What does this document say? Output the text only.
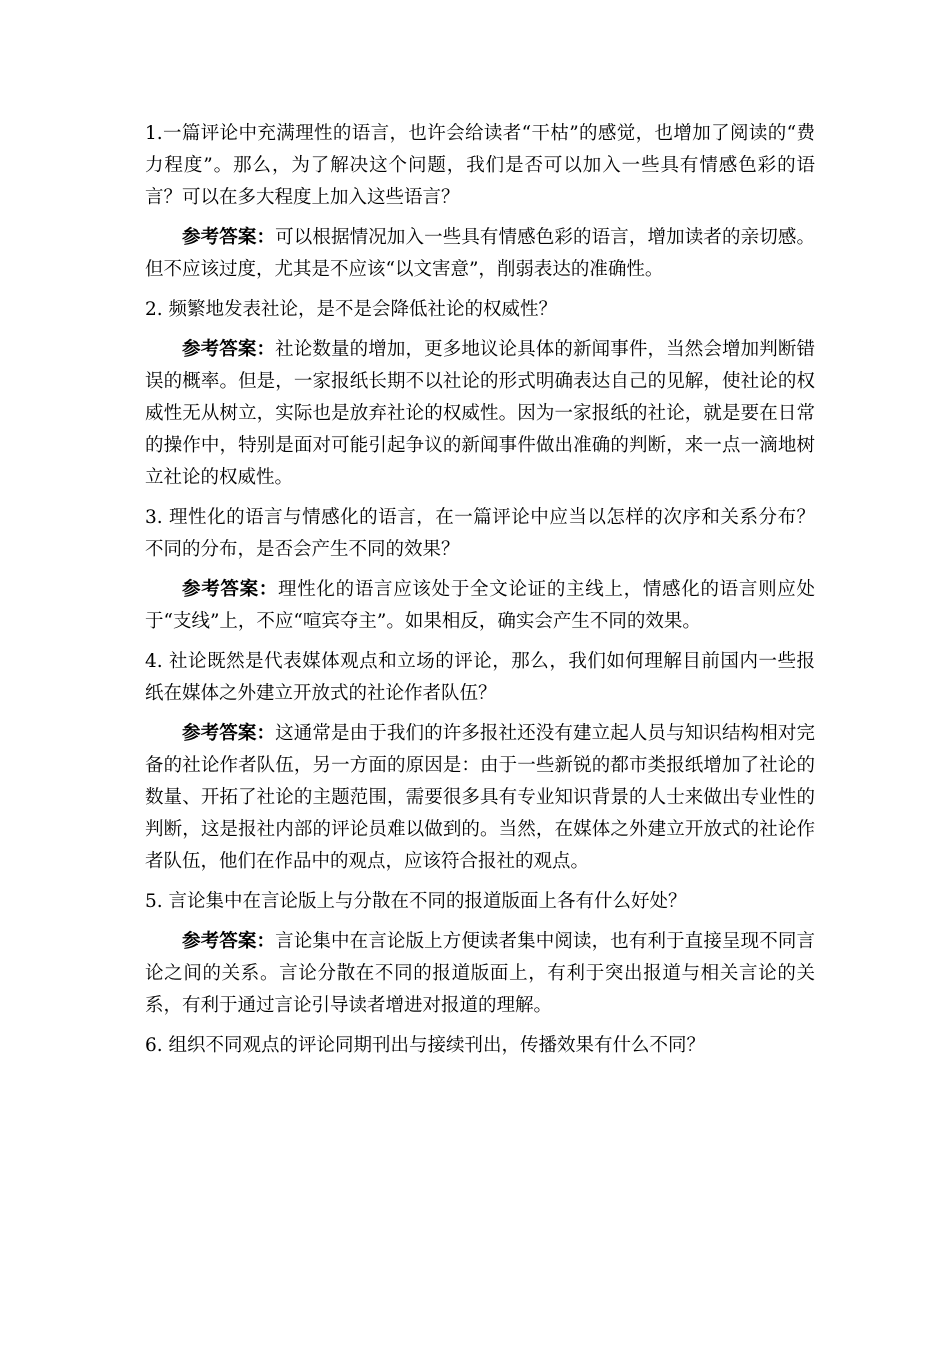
1.一篇评论中充满理性的语言，也许会给读者“干枯”的感觉，也增加了阅读的“费力程度”。那么，为了解决这个问题，我们是否可以加入一些具有情感色彩的语言？可以在多大程度上加入这些语言？

参考答案：可以根据情况加入一些具有情感色彩的语言，增加读者的亲切感。但不应该过度，尤其是不应该“以文害意”，削弱表达的准确性。

2. 频繁地发表社论，是不是会降低社论的权威性？

参考答案：社论数量的增加，更多地议论具体的新闻事件，当然会增加判断错误的概率。但是，一家报纸长期不以社论的形式明确表达自己的见解，使社论的权威性无从树立，实际也是放弃社论的权威性。因为一家报纸的社论，就是要在日常的操作中，特别是面对可能引起争议的新闻事件做出准确的判断，来一点一滴地树立社论的权威性。

3. 理性化的语言与情感化的语言，在一篇评论中应当以怎样的次序和关系分布？不同的分布，是否会产生不同的效果？

参考答案：理性化的语言应该处于全文论证的主线上，情感化的语言则应处于“支线”上，不应“喧宾夺主”。如果相反，确实会产生不同的效果。

4. 社论既然是代表媒体观点和立场的评论，那么，我们如何理解目前国内一些报纸在媒体之外建立开放式的社论作者队伍？

参考答案：这通常是由于我们的许多报社还没有建立起人员与知识结构相对完备的社论作者队伍，另一方面的原因是：由于一些新锐的都市类报纸增加了社论的数量、开拓了社论的主题范围，需要很多具有专业知识背景的人士来做出专业性的判断，这是报社内部的评论员难以做到的。当然，在媒体之外建立开放式的社论作者队伍，他们在作品中的观点，应该符合报社的观点。

5. 言论集中在言论版上与分散在不同的报道版面上各有什么好处？

参考答案：言论集中在言论版上方便读者集中阅读，也有利于直接呈现不同言论之间的关系。言论分散在不同的报道版面上，有利于突出报道与相关言论的关系，有利于通过言论引导读者增进对报道的理解。

6. 组织不同观点的评论同期刊出与接续刊出，传播效果有什么不同？
